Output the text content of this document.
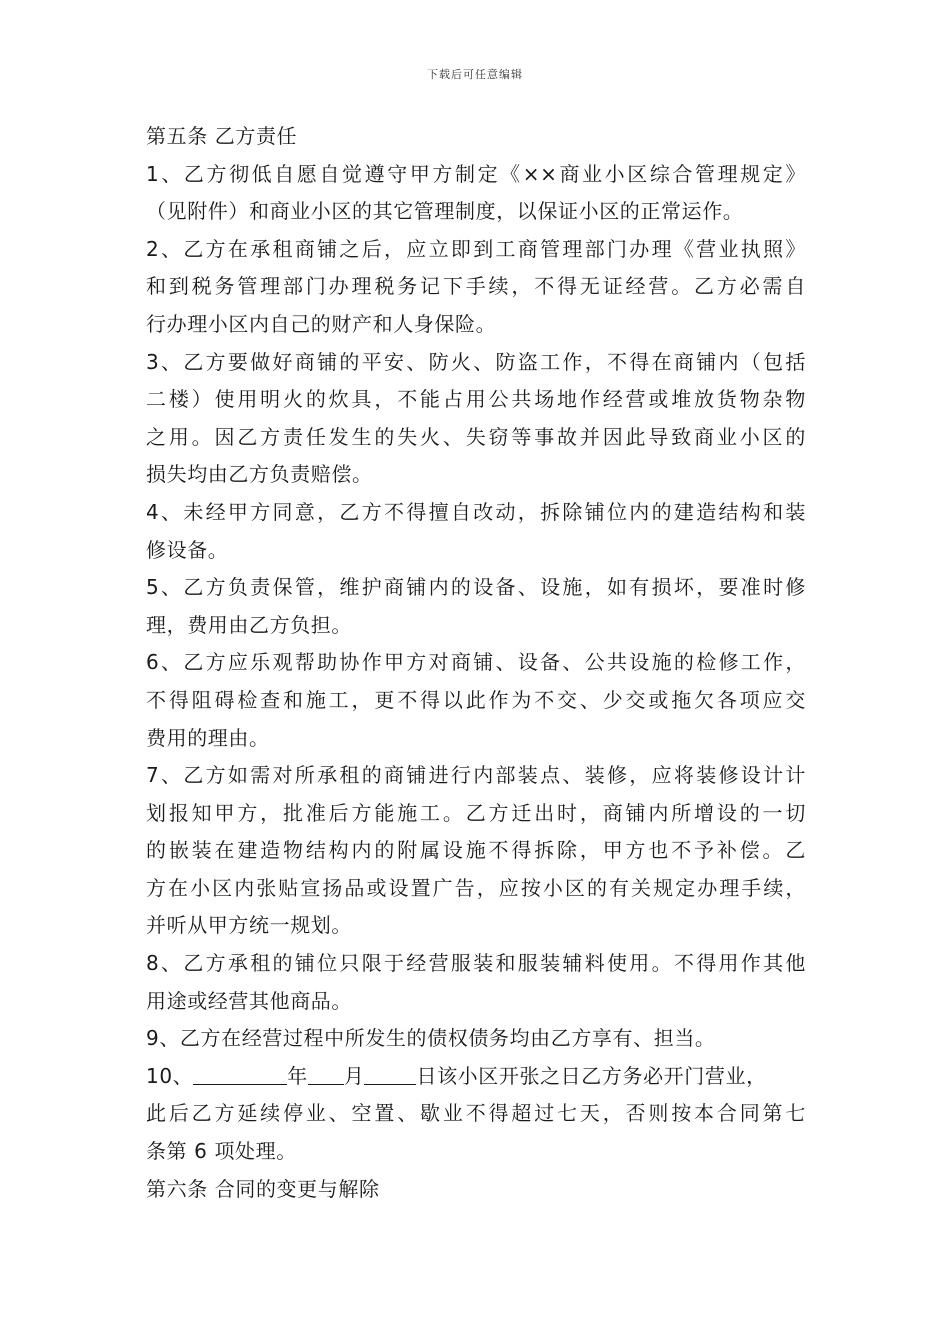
下载后可任意编辑
第五条 乙方责任
1、乙方彻低自愿自觉遵守甲方制定《××商业小区综合管理规定》
（见附件）和商业小区的其它管理制度，以保证小区的正常运作。
2、乙方在承租商铺之后，应立即到工商管理部门办理《营业执照》
和到税务管理部门办理税务记下手续，不得无证经营。乙方必需自
行办理小区内自己的财产和人身保险。
3、乙方要做好商铺的平安、防火、防盗工作，不得在商铺内（包括
二楼）使用明火的炊具，不能占用公共场地作经营或堆放货物杂物
之用。因乙方责任发生的失火、失窃等事故并因此导致商业小区的
损失均由乙方负责赔偿。
4、未经甲方同意，乙方不得擅自改动，拆除铺位内的建造结构和装
修设备。
5、乙方负责保管，维护商铺内的设备、设施，如有损坏，要准时修
理，费用由乙方负担。
6、乙方应乐观帮助协作甲方对商铺、设备、公共设施的检修工作，
不得阻碍检查和施工，更不得以此作为不交、少交或拖欠各项应交
费用的理由。
7、乙方如需对所承租的商铺进行内部装点、装修，应将装修设计计
划报知甲方，批准后方能施工。乙方迁出时，商铺内所增设的一切
的嵌装在建造物结构内的附属设施不得拆除，甲方也不予补偿。乙
方在小区内张贴宣扬品或设置广告，应按小区的有关规定办理手续，
并听从甲方统一规划。
8、乙方承租的铺位只限于经营服装和服装辅料使用。不得用作其他
用途或经营其他商品。
9、乙方在经营过程中所发生的债权债务均由乙方享有、担当。
10、	年 月	日该小区开张之日乙方务必开门营业，
此后乙方延续停业、空置、歇业不得超过七天，否则按本合同第七
条第 6 项处理。
第六条 合同的变更与解除
